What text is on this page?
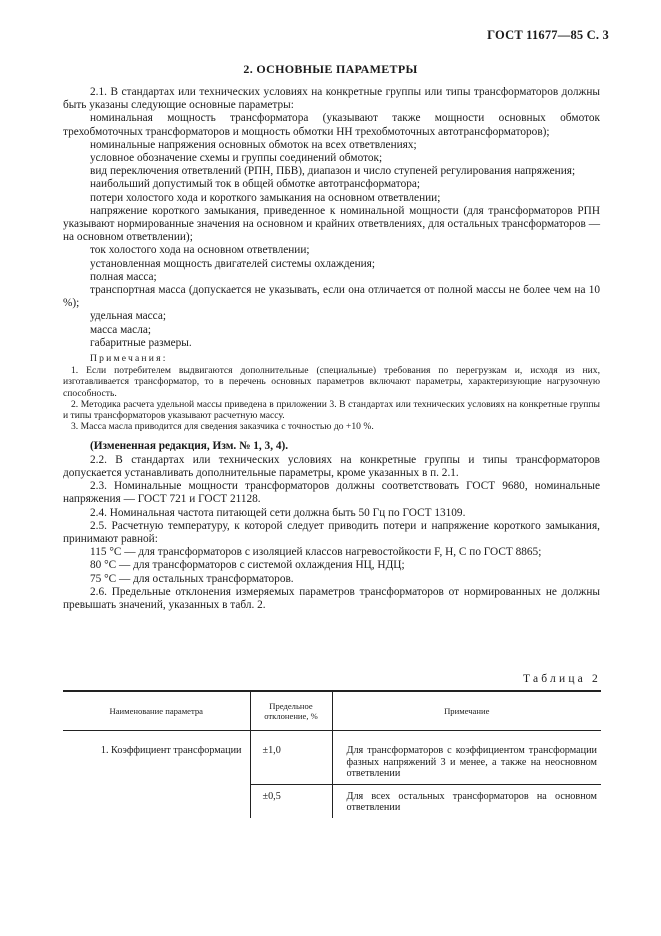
ГОСТ 11677—85 С. 3
2. ОСНОВНЫЕ ПАРАМЕТРЫ

2.1. В стандартах или технических условиях на конкретные группы или типы трансформаторов должны быть указаны следующие основные параметры:

номинальная мощность трансформатора (указывают также мощности основных обмоток трехобмоточных трансформаторов и мощность обмотки НН трехобмоточных автотрансформаторов);

номинальные напряжения основных обмоток на всех ответвлениях;

условное обозначение схемы и группы соединений обмоток;

вид переключения ответвлений (РПН, ПБВ), диапазон и число ступеней регулирования напряжения;

наибольший допустимый ток в общей обмотке автотрансформатора;

потери холостого хода и короткого замыкания на основном ответвлении;

напряжение короткого замыкания, приведенное к номинальной мощности (для трансформаторов РПН указывают нормированные значения на основном и крайних ответвлениях, для остальных трансформаторов — на основном ответвлении);

ток холостого хода на основном ответвлении;

установленная мощность двигателей системы охлаждения;

полная масса;

транспортная масса (допускается не указывать, если она отличается от полной массы не более чем на 10 %);

удельная масса;

масса масла;

габаритные размеры.

Примечания:

1. Если потребителем выдвигаются дополнительные (специальные) требования по перегрузкам и, исходя из них, изготавливается трансформатор, то в перечень основных параметров включают параметры, характеризующие нагрузочную способность.

2. Методика расчета удельной массы приведена в приложении 3. В стандартах или технических условиях на конкретные группы и типы трансформаторов указывают расчетную массу.

3. Масса масла приводится для сведения заказчика с точностью до +10 %.

(Измененная редакция, Изм. № 1, 3, 4).

2.2. В стандартах или технических условиях на конкретные группы и типы трансформаторов допускается устанавливать дополнительные параметры, кроме указанных в п. 2.1.

2.3. Номинальные мощности трансформаторов должны соответствовать ГОСТ 9680, номинальные напряжения — ГОСТ 721 и ГОСТ 21128.

2.4. Номинальная частота питающей сети должна быть 50 Гц по ГОСТ 13109.

2.5. Расчетную температуру, к которой следует приводить потери и напряжение короткого замыкания, принимают равной:

115 °С — для трансформаторов с изоляцией классов нагревостойкости F, H, C по ГОСТ 8865;

80 °С — для трансформаторов с системой охлаждения НЦ, НДЦ;

75 °С — для остальных трансформаторов.

2.6. Предельные отклонения измеряемых параметров трансформаторов от нормированных не должны превышать значений, указанных в табл. 2.

Таблица 2
Наименование параметра	Предельное отклонение, %	Примечание
1. Коэффициент трансформации	±1,0	Для трансформаторов с коэффициентом трансформации фазных напряжений 3 и менее, а также на неосновном ответвлении
	±0,5	Для всех остальных трансформаторов на основном ответвлении
